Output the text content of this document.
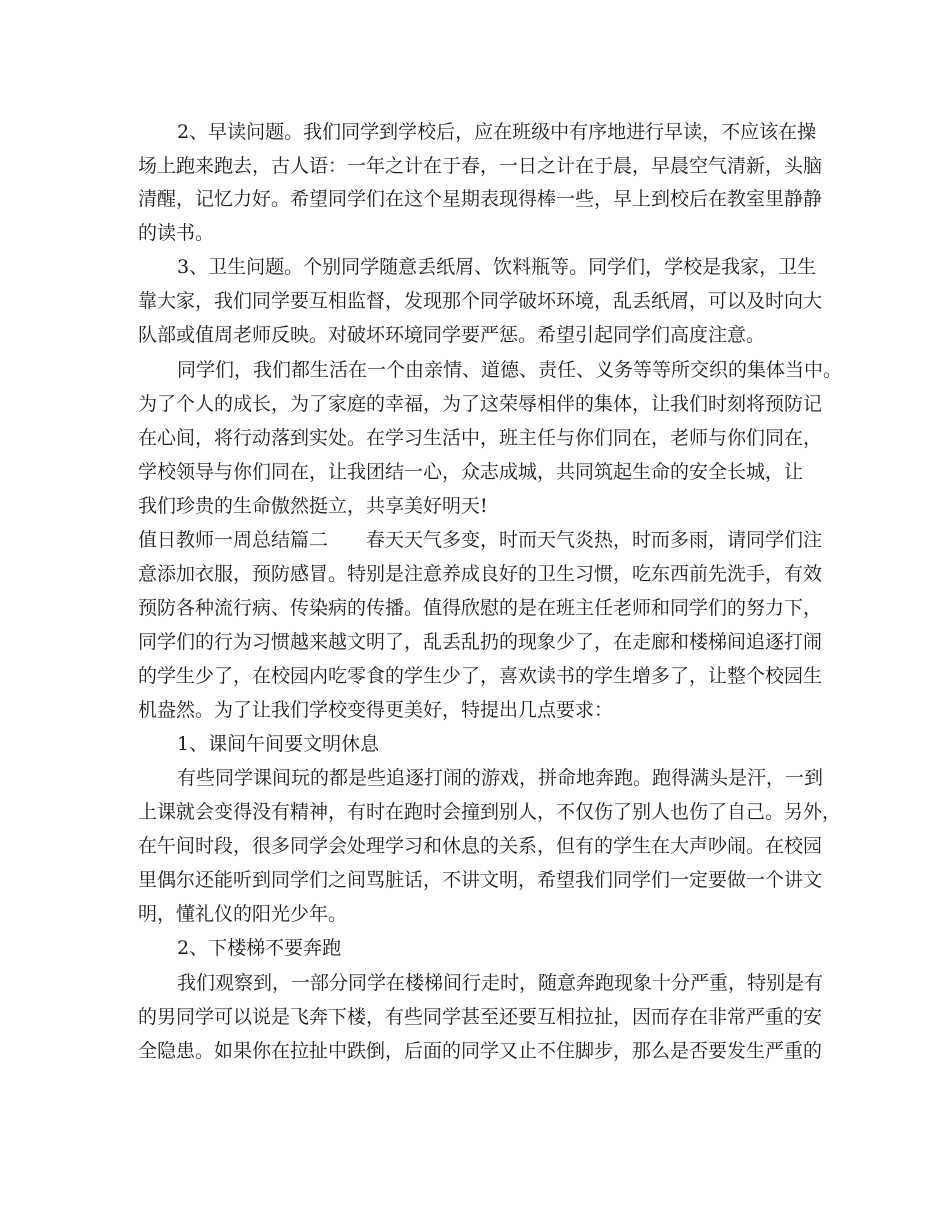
2、早读问题。我们同学到学校后，应在班级中有序地进行早读，不应该在操
场上跑来跑去，古人语：一年之计在于春，一日之计在于晨，早晨空气清新，头脑
清醒，记忆力好。希望同学们在这个星期表现得棒一些，早上到校后在教室里静静
的读书。
3、卫生问题。个别同学随意丢纸屑、饮料瓶等。同学们，学校是我家，卫生
靠大家，我们同学要互相监督，发现那个同学破坏环境，乱丢纸屑，可以及时向大
队部或值周老师反映。对破坏环境同学要严惩。希望引起同学们高度注意。
同学们，我们都生活在一个由亲情、道德、责任、义务等等所交织的集体当中。
为了个人的成长，为了家庭的幸福，为了这荣辱相伴的集体，让我们时刻将预防记
在心间，将行动落到实处。在学习生活中，班主任与你们同在，老师与你们同在，
学校领导与你们同在，让我团结一心，众志成城，共同筑起生命的安全长城，让
我们珍贵的生命傲然挺立，共享美好明天!
值日教师一周总结篇二　　春天天气多变，时而天气炎热，时而多雨，请同学们注
意添加衣服，预防感冒。特别是注意养成良好的卫生习惯，吃东西前先洗手，有效
预防各种流行病、传染病的传播。值得欣慰的是在班主任老师和同学们的努力下，
同学们的行为习惯越来越文明了，乱丢乱扔的现象少了，在走廊和楼梯间追逐打闹
的学生少了，在校园内吃零食的学生少了，喜欢读书的学生增多了，让整个校园生
机盎然。为了让我们学校变得更美好，特提出几点要求：
1、课间午间要文明休息
有些同学课间玩的都是些追逐打闹的游戏，拼命地奔跑。跑得满头是汗，一到
上课就会变得没有精神，有时在跑时会撞到别人，不仅伤了别人也伤了自己。另外，
在午间时段，很多同学会处理学习和休息的关系，但有的学生在大声吵闹。在校园
里偶尔还能听到同学们之间骂脏话，不讲文明，希望我们同学们一定要做一个讲文
明，懂礼仪的阳光少年。
2、下楼梯不要奔跑
我们观察到，一部分同学在楼梯间行走时，随意奔跑现象十分严重，特别是有
的男同学可以说是飞奔下楼，有些同学甚至还要互相拉扯，因而存在非常严重的安
全隐患。如果你在拉扯中跌倒，后面的同学又止不住脚步，那么是否要发生严重的
